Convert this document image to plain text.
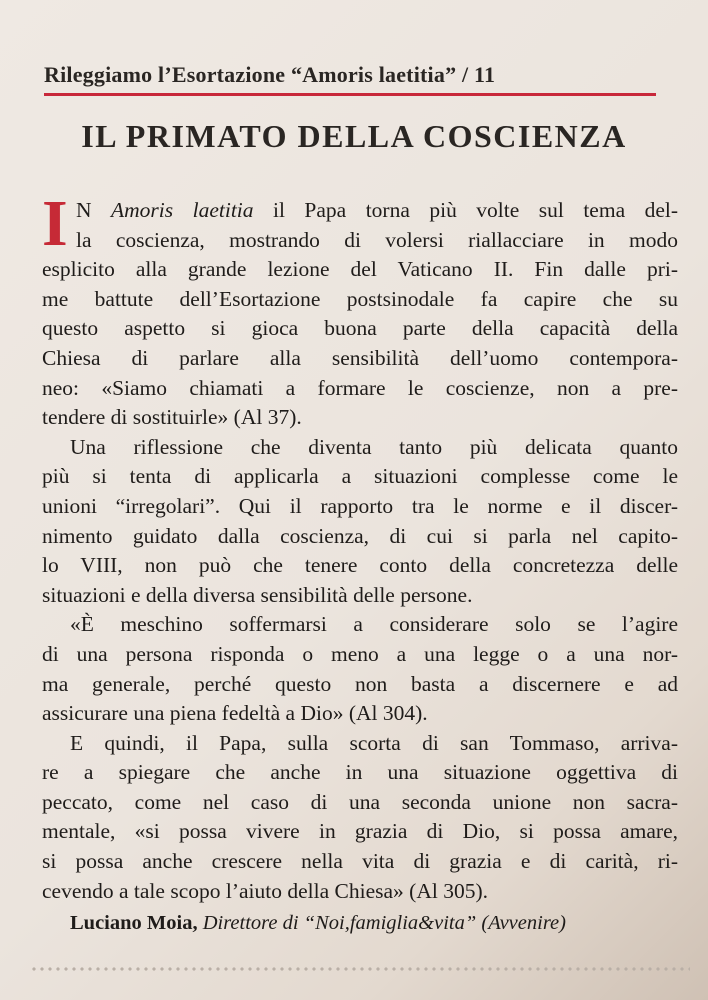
Rileggiamo l’Esortazione “Amoris laetitia” / 11
IL PRIMATO DELLA COSCIENZA
I N Amoris laetitia il Papa torna più volte sul tema del-
la coscienza, mostrando di volersi riallacciare in modo
esplicito alla grande lezione del Vaticano II. Fin dalle pri-
me battute dell’Esortazione postsinodale fa capire che su
questo aspetto si gioca buona parte della capacità della
Chiesa di parlare alla sensibilità dell’uomo contempora-
neo: «Siamo chiamati a formare le coscienze, non a pre-
tendere di sostituirle» (Al 37).
Una riflessione che diventa tanto più delicata quanto
più si tenta di applicarla a situazioni complesse come le
unioni “irregolari”. Qui il rapporto tra le norme e il discer-
nimento guidato dalla coscienza, di cui si parla nel capito-
lo VIII, non può che tenere conto della concretezza delle
situazioni e della diversa sensibilità delle persone.
«È meschino soffermarsi a considerare solo se l’agire
di una persona risponda o meno a una legge o a una nor-
ma generale, perché questo non basta a discernere e ad
assicurare una piena fedeltà a Dio» (Al 304).
E quindi, il Papa, sulla scorta di san Tommaso, arriva-
re a spiegare che anche in una situazione oggettiva di
peccato, come nel caso di una seconda unione non sacra-
mentale, «si possa vivere in grazia di Dio, si possa amare,
si possa anche crescere nella vita di grazia e di carità, ri-
cevendo a tale scopo l’aiuto della Chiesa» (Al 305).
Luciano Moia, Direttore di “Noi,famiglia&vita” (Avvenire)
